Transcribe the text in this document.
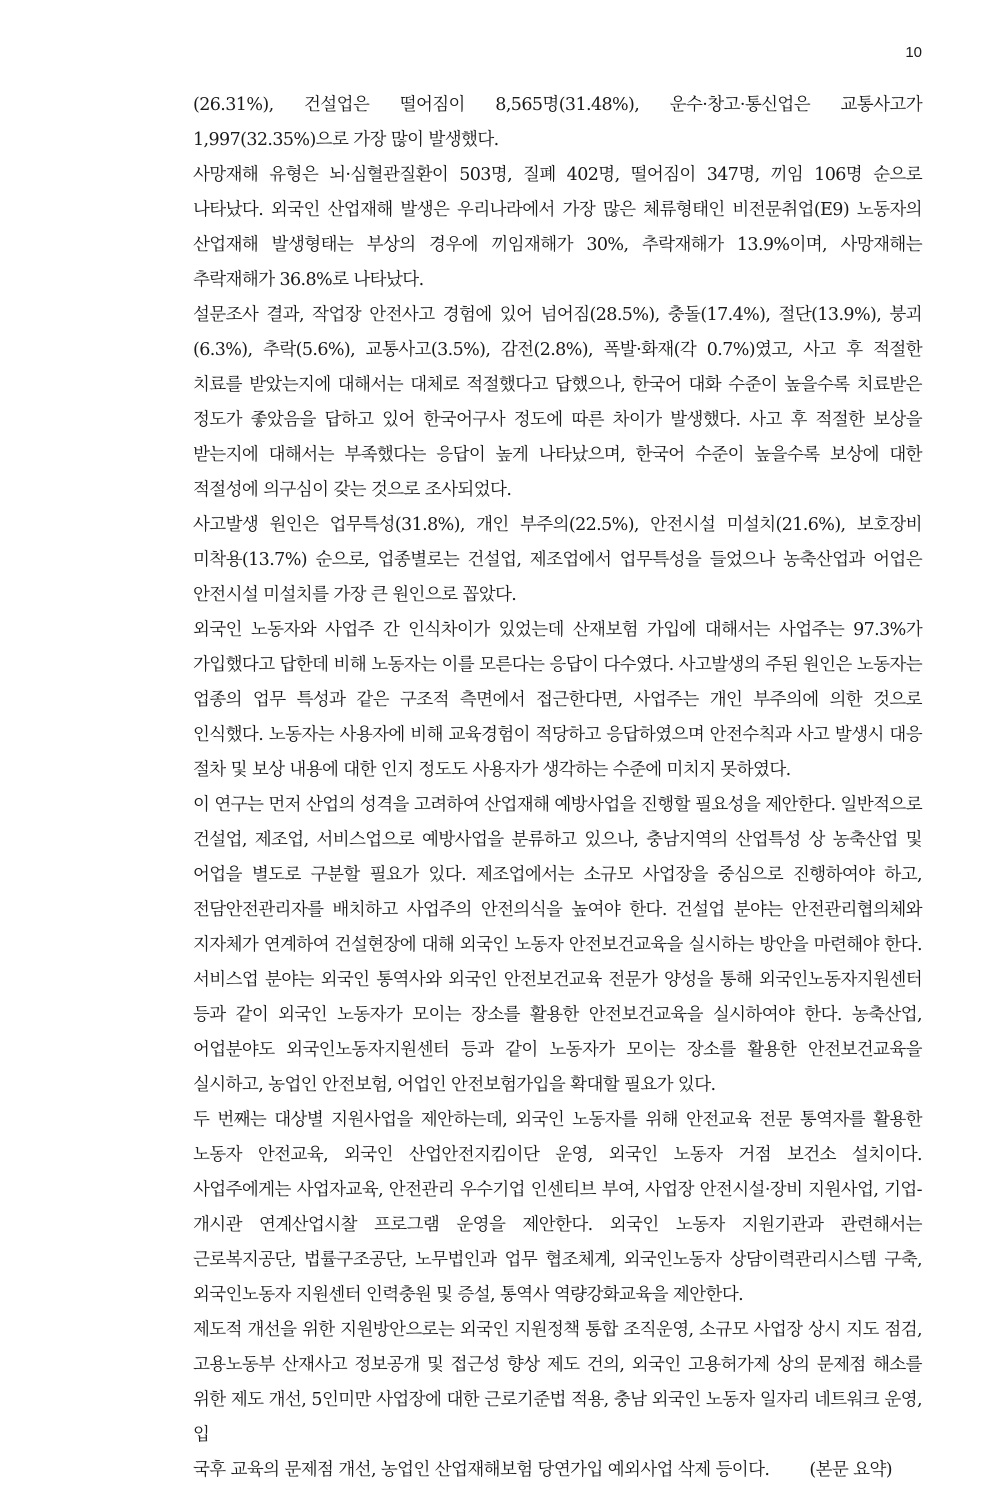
10

(26.31%), 건설업은 떨어짐이 8,565명(31.48%), 운수·창고·통신업은 교통사고가 1,997(32.35%)으로 가장 많이 발생했다.

사망재해 유형은 뇌·심혈관질환이 503명, 질폐 402명, 떨어짐이 347명, 끼임 106명 순으로 나타났다. 외국인 산업재해 발생은 우리나라에서 가장 많은 체류형태인 비전문취업(E9) 노동자의 산업재해 발생형태는 부상의 경우에 끼임재해가 30%, 추락재해가 13.9%이며, 사망재해는 추락재해가 36.8%로 나타났다.

설문조사 결과, 작업장 안전사고 경험에 있어 넘어짐(28.5%), 충돌(17.4%), 절단(13.9%), 붕괴(6.3%), 추락(5.6%), 교통사고(3.5%), 감전(2.8%), 폭발·화재(각 0.7%)였고, 사고 후 적절한 치료를 받았는지에 대해서는 대체로 적절했다고 답했으나, 한국어 대화 수준이 높을수록 치료받은 정도가 좋았음을 답하고 있어 한국어구사 정도에 따른 차이가 발생했다. 사고 후 적절한 보상을 받는지에 대해서는 부족했다는 응답이 높게 나타났으며, 한국어 수준이 높을수록 보상에 대한 적절성에 의구심이 갖는 것으로 조사되었다.

사고발생 원인은 업무특성(31.8%), 개인 부주의(22.5%), 안전시설 미설치(21.6%), 보호장비 미착용(13.7%) 순으로, 업종별로는 건설업, 제조업에서 업무특성을 들었으나 농축산업과 어업은 안전시설 미설치를 가장 큰 원인으로 꼽았다.

외국인 노동자와 사업주 간 인식차이가 있었는데 산재보험 가입에 대해서는 사업주는 97.3%가 가입했다고 답한데 비해 노동자는 이를 모른다는 응답이 다수였다. 사고발생의 주된 원인은 노동자는 업종의 업무 특성과 같은 구조적 측면에서 접근한다면, 사업주는 개인 부주의에 의한 것으로 인식했다. 노동자는 사용자에 비해 교육경험이 적당하고 응답하였으며 안전수칙과 사고 발생시 대응 절차 및 보상 내용에 대한 인지 정도도 사용자가 생각하는 수준에 미치지 못하였다.

이 연구는 먼저 산업의 성격을 고려하여 산업재해 예방사업을 진행할 필요성을 제안한다. 일반적으로 건설업, 제조업, 서비스업으로 예방사업을 분류하고 있으나, 충남지역의 산업특성 상 농축산업 및 어업을 별도로 구분할 필요가 있다. 제조업에서는 소규모 사업장을 중심으로 진행하여야 하고, 전담안전관리자를 배치하고 사업주의 안전의식을 높여야 한다. 건설업 분야는 안전관리협의체와 지자체가 연계하여 건설현장에 대해 외국인 노동자 안전보건교육을 실시하는 방안을 마련해야 한다. 서비스업 분야는 외국인 통역사와 외국인 안전보건교육 전문가 양성을 통해 외국인노동자지원센터 등과 같이 외국인 노동자가 모이는 장소를 활용한 안전보건교육을 실시하여야 한다. 농축산업, 어업분야도 외국인노동자지원센터 등과 같이 노동자가 모이는 장소를 활용한 안전보건교육을 실시하고, 농업인 안전보험, 어업인 안전보험가입을 확대할 필요가 있다.

두 번째는 대상별 지원사업을 제안하는데, 외국인 노동자를 위해 안전교육 전문 통역자를 활용한 노동자 안전교육, 외국인 산업안전지킴이단 운영, 외국인 노동자 거점 보건소 설치이다. 사업주에게는 사업자교육, 안전관리 우수기업 인센티브 부여, 사업장 안전시설·장비 지원사업, 기업-개시관 연계산업시찰 프로그램 운영을 제안한다. 외국인 노동자 지원기관과 관련해서는 근로복지공단, 법률구조공단, 노무법인과 업무 협조체계, 외국인노동자 상담이력관리시스템 구축, 외국인노동자 지원센터 인력충원 및 증설, 통역사 역량강화교육을 제안한다.

제도적 개선을 위한 지원방안으로는 외국인 지원정책 통합 조직운영, 소규모 사업장 상시 지도 점검, 고용노동부 산재사고 정보공개 및 접근성 향상 제도 건의, 외국인 고용허가제 상의 문제점 해소를 위한 제도 개선, 5인미만 사업장에 대한 근로기준법 적용, 충남 외국인 노동자 일자리 네트워크 운영, 입

국후 교육의 문제점 개선, 농업인 산업재해보험 당연가입 예외사업 삭제 등이다. (본문 요약)
